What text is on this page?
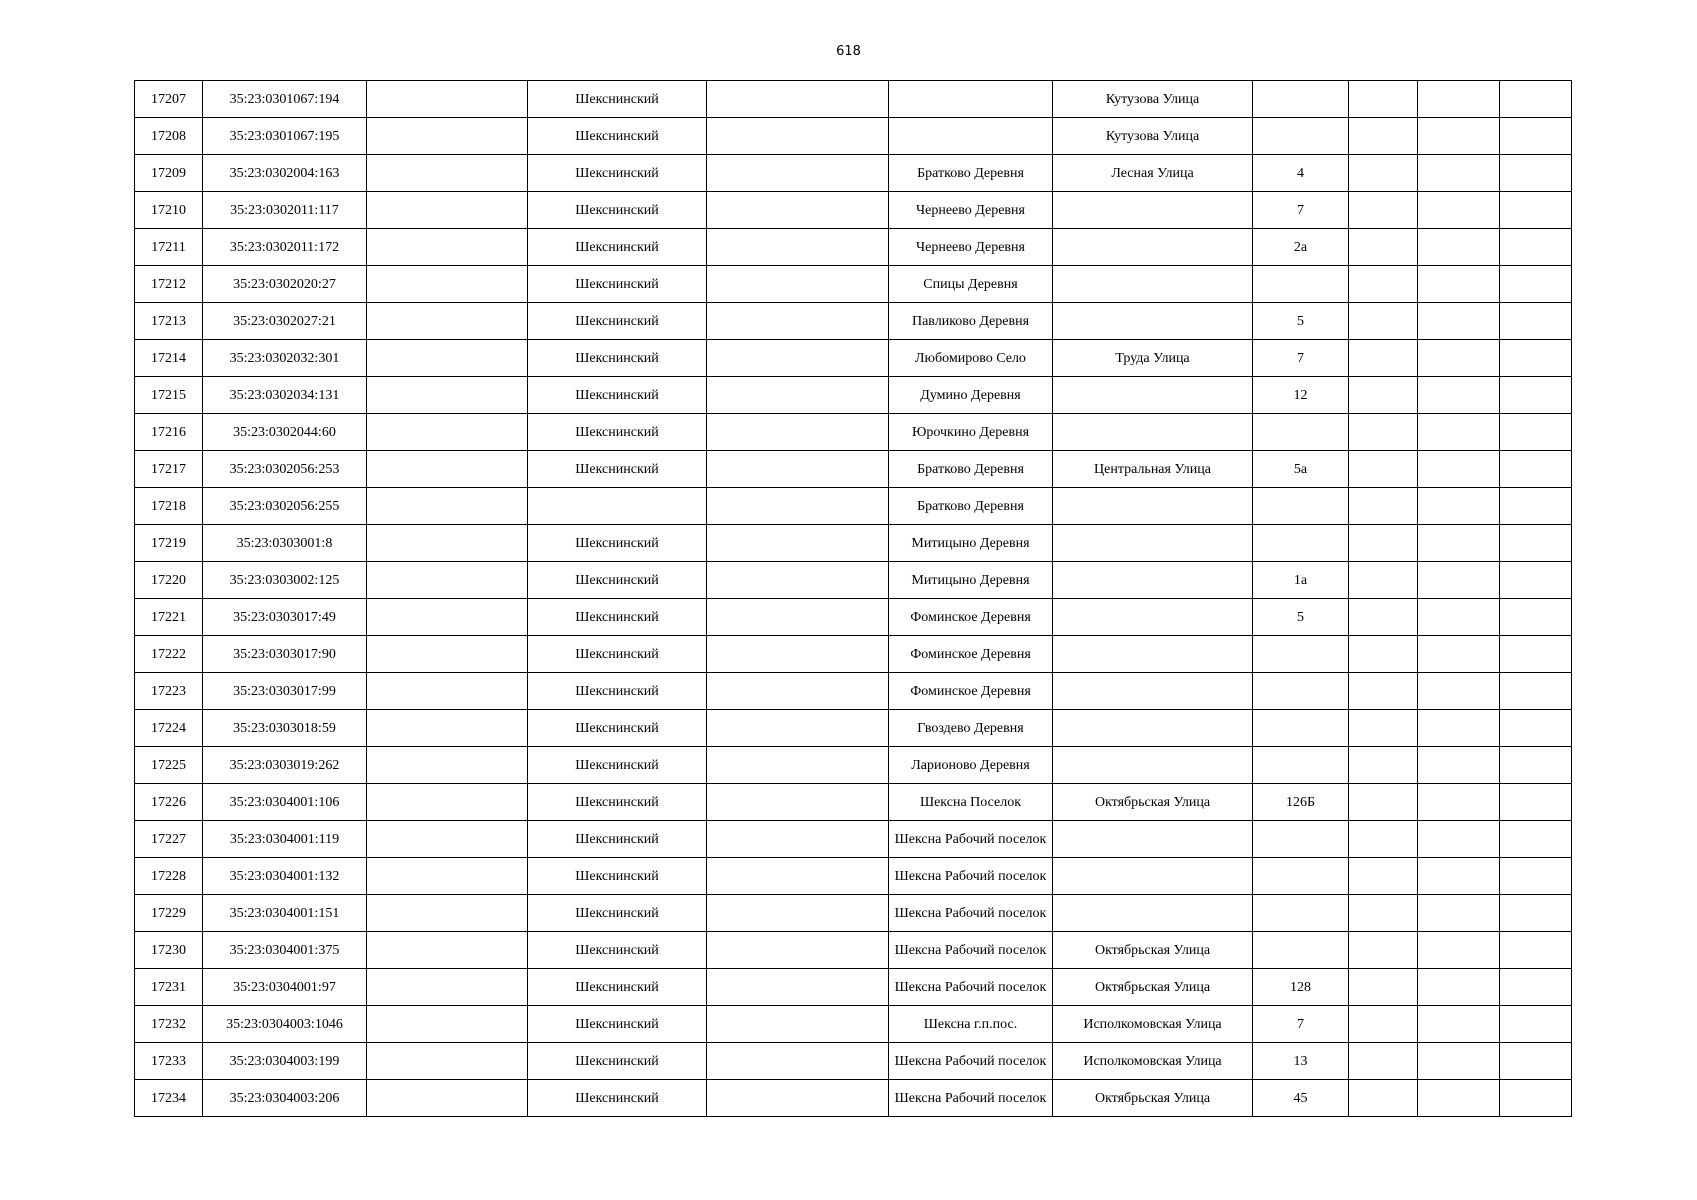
618
17207	35:23:0301067:194		Шекснинский			Кутузова Улица				
17208	35:23:0301067:195		Шекснинский			Кутузова Улица				
17209	35:23:0302004:163		Шекснинский		Братково Деревня	Лесная Улица	4			
17210	35:23:0302011:117		Шекснинский		Чернеево Деревня		7			
17211	35:23:0302011:172		Шекснинский		Чернеево Деревня		2а			
17212	35:23:0302020:27		Шекснинский		Спицы Деревня					
17213	35:23:0302027:21		Шекснинский		Павликово Деревня		5			
17214	35:23:0302032:301		Шекснинский		Любомирово Село	Труда Улица	7			
17215	35:23:0302034:131		Шекснинский		Думино Деревня		12			
17216	35:23:0302044:60		Шекснинский		Юрочкино Деревня					
17217	35:23:0302056:253		Шекснинский		Братково Деревня	Центральная Улица	5а			
17218	35:23:0302056:255				Братково Деревня					
17219	35:23:0303001:8		Шекснинский		Митицыно Деревня					
17220	35:23:0303002:125		Шекснинский		Митицыно Деревня		1а			
17221	35:23:0303017:49		Шекснинский		Фоминское Деревня		5			
17222	35:23:0303017:90		Шекснинский		Фоминское Деревня					
17223	35:23:0303017:99		Шекснинский		Фоминское Деревня					
17224	35:23:0303018:59		Шекснинский		Гвоздево Деревня					
17225	35:23:0303019:262		Шекснинский		Ларионово Деревня					
17226	35:23:0304001:106		Шекснинский		Шексна Поселок	Октябрьская Улица	126Б			
17227	35:23:0304001:119		Шекснинский		Шексна Рабочий поселок					
17228	35:23:0304001:132		Шекснинский		Шексна Рабочий поселок					
17229	35:23:0304001:151		Шекснинский		Шексна Рабочий поселок					
17230	35:23:0304001:375		Шекснинский		Шексна Рабочий поселок	Октябрьская Улица				
17231	35:23:0304001:97		Шекснинский		Шексна Рабочий поселок	Октябрьская Улица	128			
17232	35:23:0304003:1046		Шекснинский		Шексна г.п.пос.	Исполкомовская Улица	7			
17233	35:23:0304003:199		Шекснинский		Шексна Рабочий поселок	Исполкомовская Улица	13			
17234	35:23:0304003:206		Шекснинский		Шексна Рабочий поселок	Октябрьская Улица	45			
